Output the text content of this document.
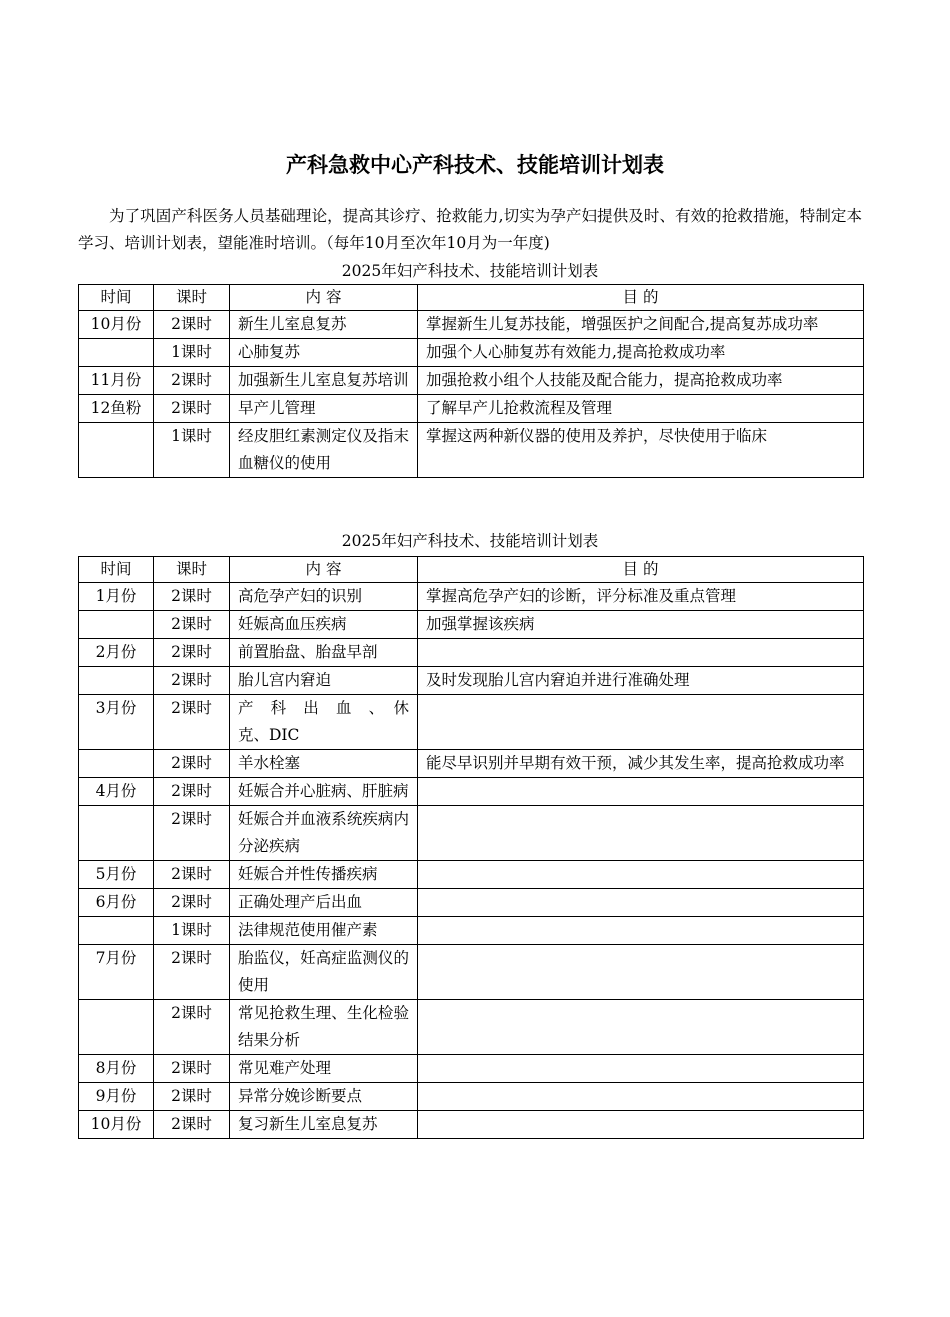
产科急救中心产科技术、技能培训计划表
为了巩固产科医务人员基础理论，提高其诊疗、抢救能力,切实为孕产妇提供及时、有效的抢救措施，特制定本学习、培训计划表，望能准时培训。（每年10月至次年10月为一年度)
2025年妇产科技术、技能培训计划表
时间	课时	内 容	目 的
10月份	2课时	新生儿室息复苏	掌握新生儿复苏技能，增强医护之间配合,提高复苏成功率
	1课时	心肺复苏	加强个人心肺复苏有效能力,提高抢救成功率
11月份	2课时	加强新生儿室息复苏培训	加强抢救小组个人技能及配合能力，提高抢救成功率
12鱼粉	2课时	早产儿管理	了解早产儿抢救流程及管理
	1课时	经皮胆红素测定仪及指末血糖仪的使用	掌握这两种新仪器的使用及养护，尽快使用于临床
2025年妇产科技术、技能培训计划表
时间	课时	内 容	目 的
1月份	2课时	高危孕产妇的识别	掌握高危孕产妇的诊断，评分标准及重点管理
	2课时	妊娠高血压疾病	加强掌握该疾病
2月份	2课时	前置胎盘、胎盘早剖	
	2课时	胎儿宫内窘迫	及时发现胎儿宫内窘迫并进行准确处理
3月份	2课时	产　科　出　血　、　休克、DIC	
	2课时	羊水栓塞	能尽早识别并早期有效干预，减少其发生率，提高抢救成功率
4月份	2课时	妊娠合并心脏病、肝脏病	
	2课时	妊娠合并血液系统疾病内分泌疾病	
5月份	2课时	妊娠合并性传播疾病	
6月份	2课时	正确处理产后出血	
	1课时	法律规范使用催产素	
7月份	2课时	胎监仪，妊高症监测仪的使用	
	2课时	常见抢救生理、生化检验结果分析	
8月份	2课时	常见难产处理	
9月份	2课时	异常分娩诊断要点	
10月份	2课时	复习新生儿室息复苏	
